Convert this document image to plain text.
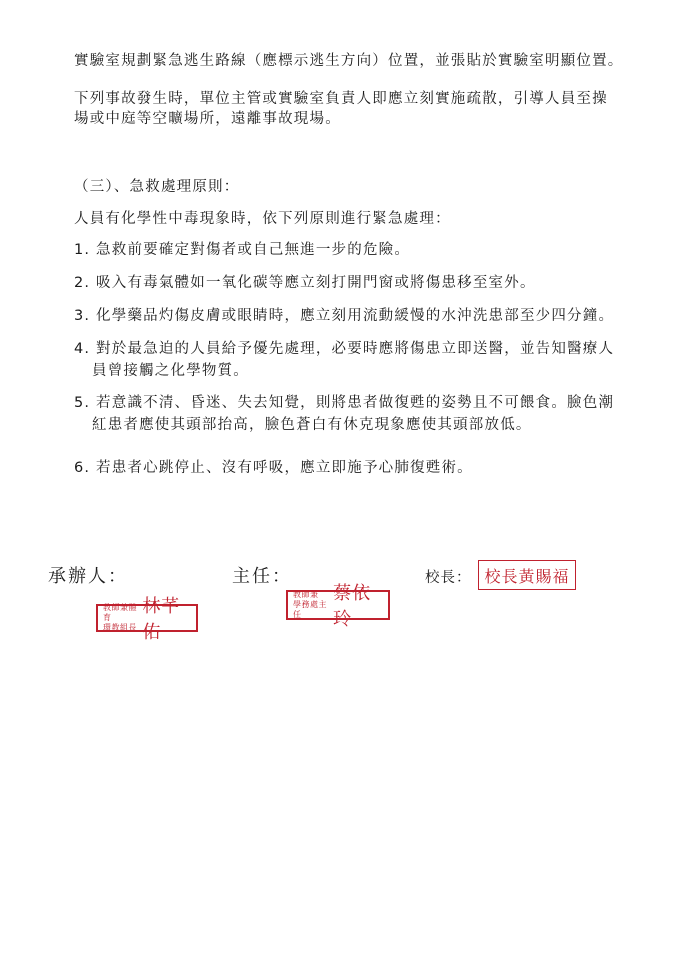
實驗室規劃緊急逃生路線（應標示逃生方向）位置，並張貼於實驗室明顯位置。
下列事故發生時，單位主管或實驗室負責人即應立刻實施疏散，引導人員至操
場或中庭等空曠場所，遠離事故現場。
（三）、急救處理原則：
人員有化學性中毒現象時，依下列原則進行緊急處理：
1. 急救前要確定對傷者或自己無進一步的危險。
2. 吸入有毒氣體如一氧化碳等應立刻打開門窗或將傷患移至室外。
3. 化學藥品灼傷皮膚或眼睛時，應立刻用流動緩慢的水沖洗患部至少四分鐘。
4. 對於最急迫的人員給予優先處理，必要時應將傷患立即送醫，並告知醫療人
員曾接觸之化學物質。
5. 若意識不清、昏迷、失去知覺，則將患者做復甦的姿勢且不可餵食。臉色潮
紅患者應使其頭部抬高，臉色蒼白有休克現象應使其頭部放低。
6. 若患者心跳停止、沒有呼吸，應立即施予心肺復甦術。
承辦人：	主任：	校長：
教師兼體育
環教組長
林芊佑
教師兼
學務處主任
蔡依玲
校長黃賜福
